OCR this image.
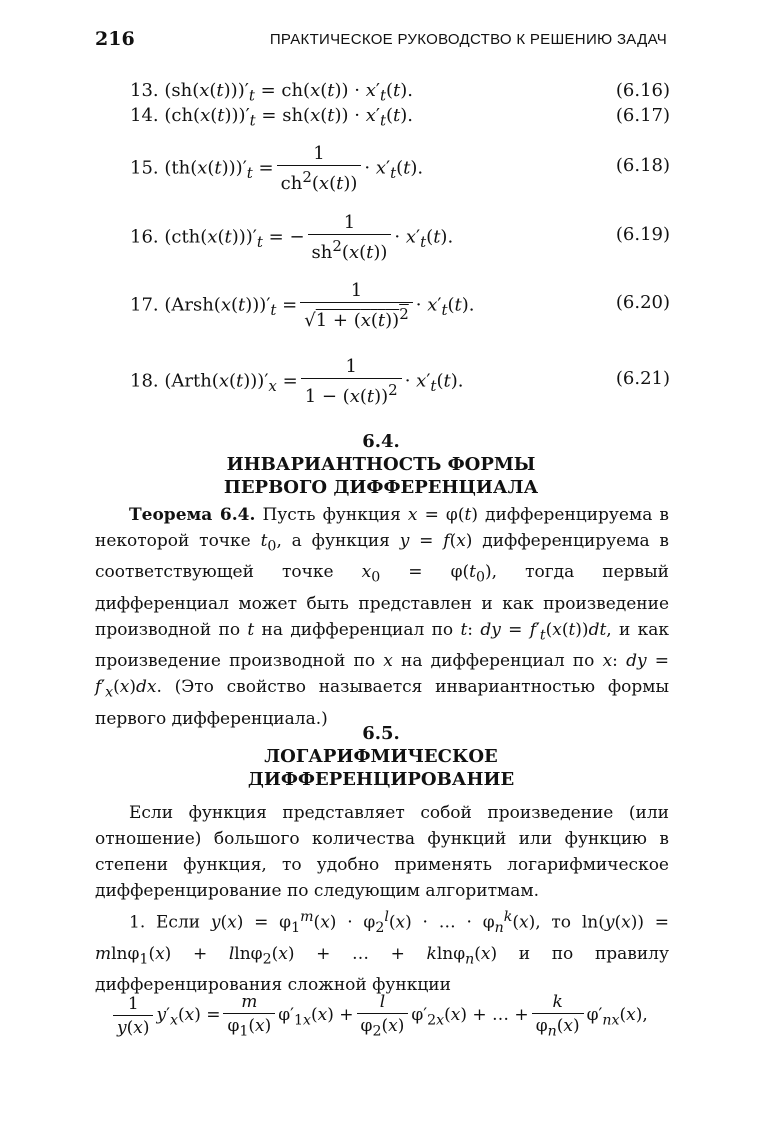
216	ПРАКТИЧЕСКОЕ РУКОВОДСТВО К РЕШЕНИЮ ЗАДАЧ
13. $(sh(x(t)))'_t = ch(x(t)) \cdot x'_t(t)$.	(6.16)
14. $(ch(x(t)))'_t = sh(x(t)) \cdot x'_t(t)$.	(6.17)
15. $(th(x(t)))'_t = \frac{1}{ch^2(x(t))} \cdot x'_t(t)$.	(6.18)
16. $(cth(x(t)))'_t$ = − $\frac{1}{sh^2(x(t))} \cdot x'_t(t)$.	(6.19)
17. $(Arsh(x(t)))'_t = \frac{1}{√1 + (x(t))^2} \cdot x'_t(t)$.	(6.20)
18. $(Arth(x(t)))'_x = \frac{1}{1 - (x(t))^2} \cdot x'_t(t)$.	(6.21)
6.4.
ИНВАРИАНТНОСТЬ ФОРМЫ
ПЕРВОГО ДИФФЕРЕНЦИАЛА
Теорема 6.4. Пусть функция x = φ(t) дифференцируема в некоторой точке $t_0$, а функция y = f(x) дифференцируема в соответствующей точке $x_0 = \varphi(t_0)$, тогда первый дифференциал может быть представлен и как произведение производной по t на дифференциал по t: dy = $f'_t(x(t))dt$, и как произведение производной по x на дифференциал по x: dy = $f'_x(x)dx$. (Это свойство называется инвариантностью формы первого дифференциала.)
6.5.
ЛОГАРИФМИЧЕСКОЕ
ДИФФЕРЕНЦИРОВАНИЕ
Если функция представляет собой произведение (или отношение) большого количества функций или функцию в степени функция, то удобно применять логарифмическое дифференцирование по следующим алгоритмам.
1. Если $y(x) = \varphi_1^m(x) \cdot \varphi_2^l(x)$ · … · $\varphi_n^k(x)$, то ln(y(x)) = mlnφ$_1$(x) + llnφ$_2$(x) + … + klnφ$_n$(x) и по правилу дифференцирования сложной функции
$\frac{1}{y(x)} y'_x(x) = \frac{m}{\varphi_1(x)} \varphi'_{1x}(x) + \frac{l}{\varphi_2(x)} \varphi'_{2x}(x)$ + … + $\frac{k}{\varphi_n(x)} \varphi'_{nx}(x)$,
